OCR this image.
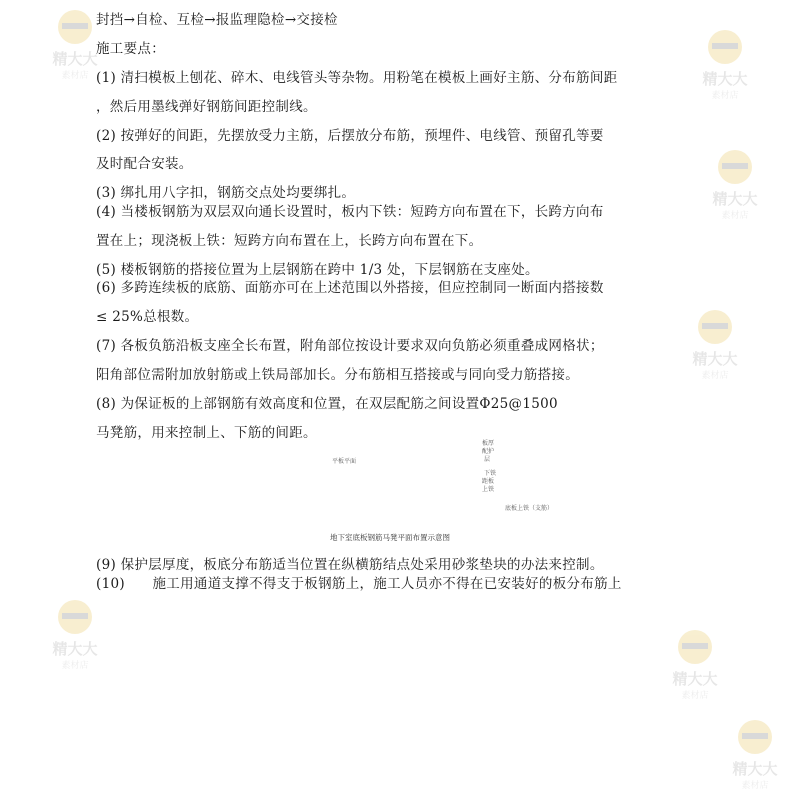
精大大
素材店	精大大
素材店
精大大
素材店
精大大
素材店
精大大
素材店
精大大
素材店
精大大
素材店
封挡→自检、互检→报监理隐检→交接检
施工要点：
(1) 清扫模板上刨花、碎木、电线管头等杂物。用粉笔在模板上画好主筋、分布筋间距
，然后用墨线弹好钢筋间距控制线。
(2) 按弹好的间距，先摆放受力主筋，后摆放分布筋，预埋件、电线管、预留孔等要
及时配合安装。
(3) 绑扎用八字扣，钢筋交点处均要绑扎。
(4) 当楼板钢筋为双层双向通长设置时，板内下铁：短跨方向布置在下，长跨方向布
置在上；现浇板上铁：短跨方向布置在上，长跨方向布置在下。
(5) 楼板钢筋的搭接位置为上层钢筋在跨中 1/3 处，下层钢筋在支座处。
(6) 多跨连续板的底筋、面筋亦可在上述范围以外搭接，但应控制同一断面内搭接数
≤ 25%总根数。
(7) 各板负筋沿板支座全长布置，附角部位按设计要求双向负筋必须重叠成网格状；
阳角部位需附加放射筋或上铁局部加长。分布筋相互搭接或与同向受力筋搭接。
(8) 为保证板的上部钢筋有效高度和位置，在双层配筋之间设置Φ25@1500
马凳筋，用来控制上、下筋的间距。
平板平面
板厚
配护
层
下铁
距板
上铁
底板上铁（支筋）
地下室底板钢筋马凳平面布置示意图
(9) 保护层厚度，板底分布筋适当位置在纵横筋结点处采用砂浆垫块的办法来控制。
(10)　　施工用通道支撑不得支于板钢筋上，施工人员亦不得在已安装好的板分布筋上
